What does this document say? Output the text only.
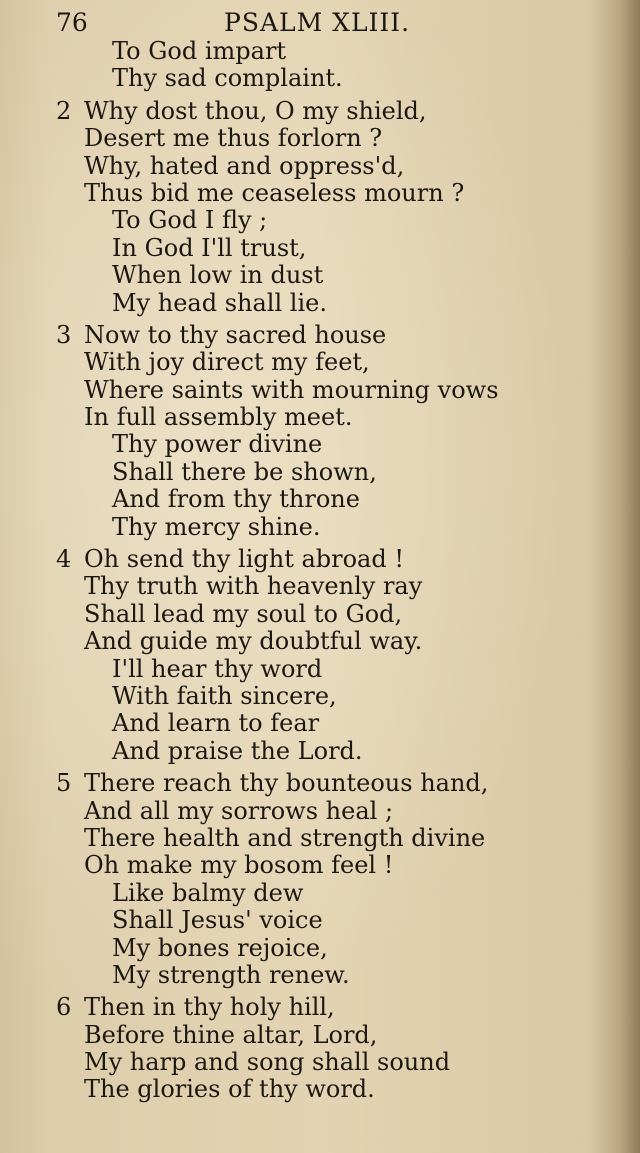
76	PSALM XLIII.
To God impart
Thy sad complaint.
2 Why dost thou, O my shield,
Desert me thus forlorn ?
Why, hated and oppress'd,
Thus bid me ceaseless mourn ?
To God I fly ;
In God I'll trust,
When low in dust
My head shall lie.
3 Now to thy sacred house
With joy direct my feet,
Where saints with mourning vows
In full assembly meet.
Thy power divine
Shall there be shown,
And from thy throne
Thy mercy shine.
4 Oh send thy light abroad !
Thy truth with heavenly ray
Shall lead my soul to God,
And guide my doubtful way.
I'll hear thy word
With faith sincere,
And learn to fear
And praise the Lord.
5 There reach thy bounteous hand,
And all my sorrows heal ;
There health and strength divine
Oh make my bosom feel !
Like balmy dew
Shall Jesus' voice
My bones rejoice,
My strength renew.
6 Then in thy holy hill,
Before thine altar, Lord,
My harp and song shall sound
The glories of thy word.
